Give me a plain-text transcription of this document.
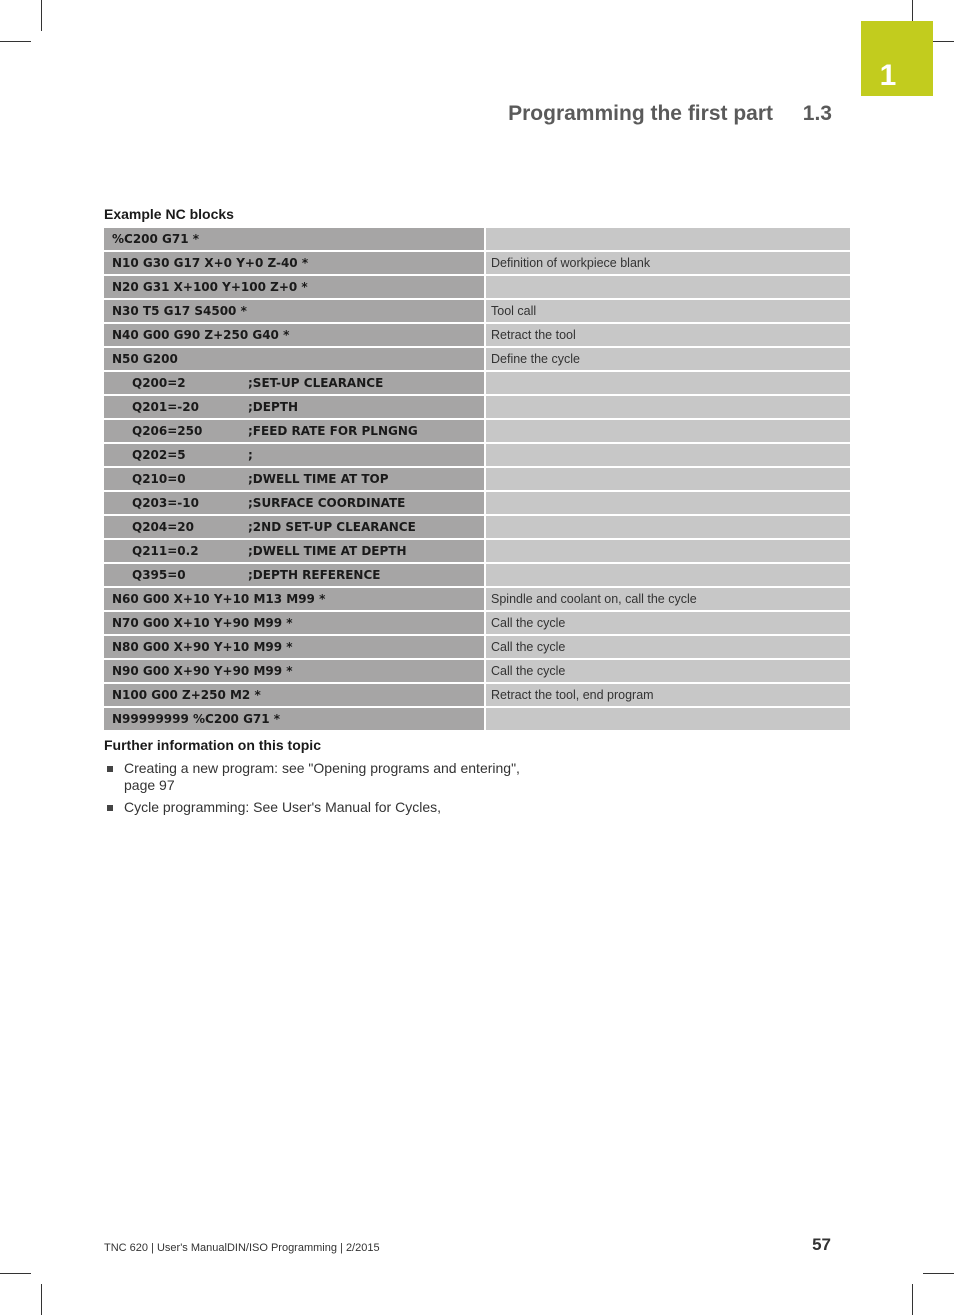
1
Programming the first part 1.3
Example NC blocks
%C200 G71 *	
N10 G30 G17 X+0 Y+0 Z-40 *	Definition of workpiece blank
N20 G31 X+100 Y+100 Z+0 *	
N30 T5 G17 S4500 *	Tool call
N40 G00 G90 Z+250 G40 *	Retract the tool
N50 G200	Define the cycle
Q200=2 ;SET-UP CLEARANCE	
Q201=-20 ;DEPTH	
Q206=250 ;FEED RATE FOR PLNGNG	
Q202=5 ;	
Q210=0 ;DWELL TIME AT TOP	
Q203=-10 ;SURFACE COORDINATE	
Q204=20 ;2ND SET-UP CLEARANCE	
Q211=0.2 ;DWELL TIME AT DEPTH	
Q395=0 ;DEPTH REFERENCE	
N60 G00 X+10 Y+10 M13 M99 *	Spindle and coolant on, call the cycle
N70 G00 X+10 Y+90 M99 *	Call the cycle
N80 G00 X+90 Y+10 M99 *	Call the cycle
N90 G00 X+90 Y+90 M99 *	Call the cycle
N100 G00 Z+250 M2 *	Retract the tool, end program
N99999999 %C200 G71 *	
Further information on this topic
Creating a new program: see "Opening programs and entering",
page 97
Cycle programming: See User's Manual for Cycles,
TNC 620 | User's ManualDIN/ISO Programming | 2/2015	57
